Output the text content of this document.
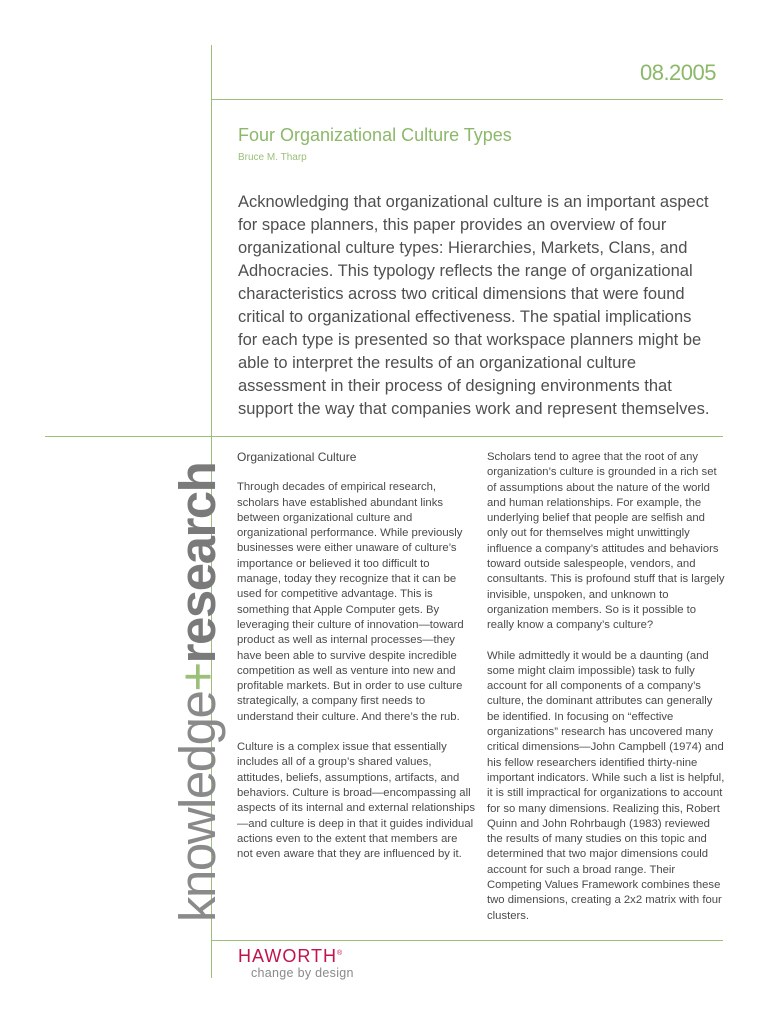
08.2005
Four Organizational Culture Types
Bruce M. Tharp

Acknowledging that organizational culture is an important aspect for space planners, this paper provides an overview of four organizational culture types: Hierarchies, Markets, Clans, and Adhocracies. This typology reflects the range of organizational characteristics across two critical dimensions that were found critical to organizational effectiveness. The spatial implications for each type is presented so that workspace planners might be able to interpret the results of an organizational culture assessment in their process of designing environments that support the way that companies work and represent themselves.

knowledge+research
Organizational Culture

Through decades of empirical research, scholars have established abundant links between organizational culture and organizational performance. While previously businesses were either unaware of culture’s importance or believed it too difficult to manage, today they recognize that it can be used for competitive advantage. This is something that Apple Computer gets. By leveraging their culture of innovation—toward product as well as internal processes—they have been able to survive despite incredible competition as well as venture into new and profitable markets. But in order to use culture strategically, a company first needs to understand their culture. And there’s the rub.

Culture is a complex issue that essentially includes all of a group’s shared values, attitudes, beliefs, assumptions, artifacts, and behaviors. Culture is broad—encompassing all aspects of its internal and external relationships—and culture is deep in that it guides individual actions even to the extent that members are not even aware that they are influenced by it.

Scholars tend to agree that the root of any organization’s culture is grounded in a rich set of assumptions about the nature of the world and human relationships. For example, the underlying belief that people are selfish and only out for themselves might unwittingly influence a company’s attitudes and behaviors toward outside salespeople, vendors, and consultants. This is profound stuff that is largely invisible, unspoken, and unknown to organization members. So is it possible to really know a company’s culture?

While admittedly it would be a daunting (and some might claim impossible) task to fully account for all components of a company’s culture, the dominant attributes can generally be identified. In focusing on “effective organizations” research has uncovered many critical dimensions—John Campbell (1974) and his fellow researchers identified thirty-nine important indicators. While such a list is helpful, it is still impractical for organizations to account for so many dimensions. Realizing this, Robert Quinn and John Rohrbaugh (1983) reviewed the results of many studies on this topic and determined that two major dimensions could account for such a broad range. Their Competing Values Framework combines these two dimensions, creating a 2x2 matrix with four clusters.

HAWORTH®
change by design
